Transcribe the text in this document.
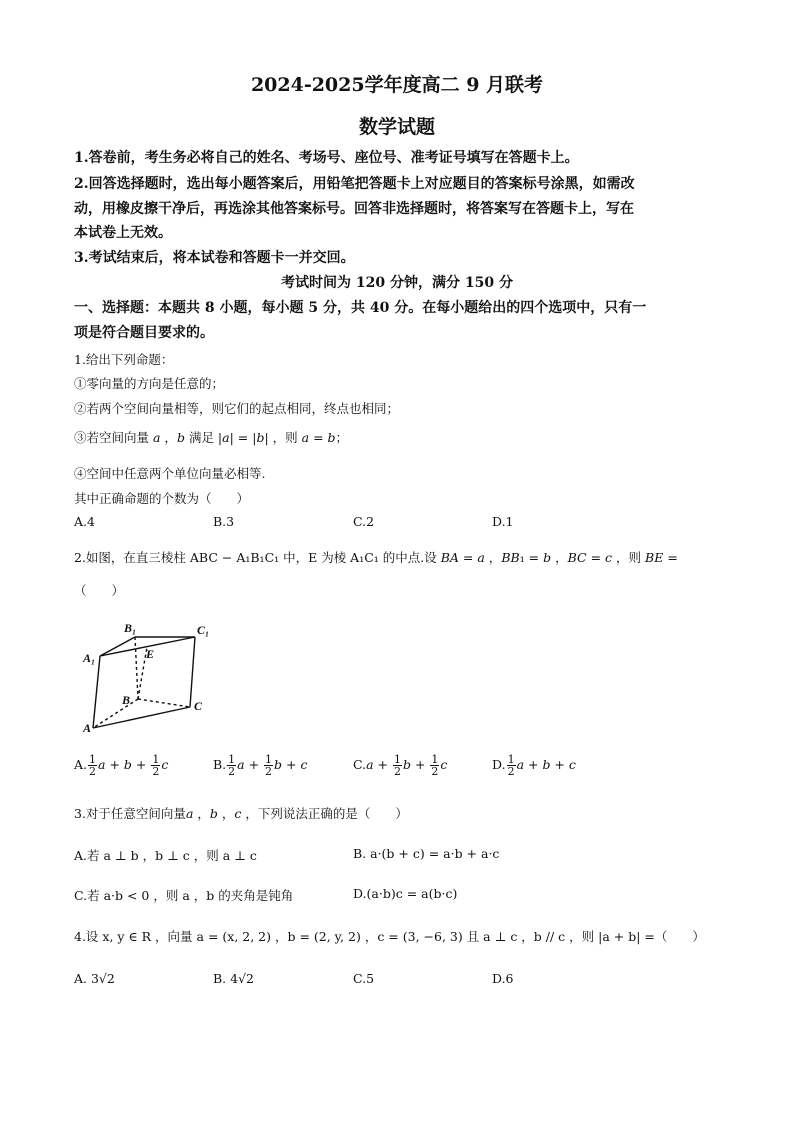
2024-2025学年度高二 9 月联考
数学试题
1.答卷前，考生务必将自己的姓名、考场号、座位号、准考证号填写在答题卡上。
2.回答选择题时，选出每小题答案后，用铅笔把答题卡上对应题目的答案标号涂黑，如需改
动，用橡皮擦干净后，再选涂其他答案标号。回答非选择题时，将答案写在答题卡上，写在
本试卷上无效。
3.考试结束后，将本试卷和答题卡一并交回。
考试时间为 120 分钟，满分 150 分
一、选择题：本题共 8 小题，每小题 5 分，共 40 分。在每小题给出的四个选项中，只有一
项是符合题目要求的。
1.给出下列命题：
①零向量的方向是任意的；
②若两个空间向量相等，则它们的起点相同，终点也相同；
③若空间向量 a ，b 满足 |a| = |b| ，则 a = b；
④空间中任意两个单位向量必相等.
其中正确命题的个数为（　　）
A.4	B.3	C.2	D.1
2.如图，在直三棱柱 ABC − A₁B₁C₁ 中，E 为棱 A₁C₁ 的中点.设 BA = a ，BB₁ = b ，BC = c ，则 BE =
（　　）
B₁	C₁
A₁	E
B	C
A
A. $\frac{1}{2}$ $a + b + \frac{1}{2}$ c	B. $\frac{1}{2}$ $a + \frac{1}{2}$ b + c	$C.a + \frac{1}{2}$ $b + \frac{1}{2}$ c	D. $\frac{1}{2}$ a + b + c
3.对于任意空间向量a ，b ，c ，下列说法正确的是（　　）
A.若 a ⊥ b ，b ⊥ c ，则 a ⊥ c	B. a·(b + c) = a·b + a·c
C.若 a·b < 0 ，则 a ，b 的夹角是钝角	D.(a·b)c = a(b·c)
4.设 x, y ∈ R ，向量 a = (x, 2, 2) ，b = (2, y, 2) ，c = (3, −6, 3) 且 a ⊥ c ，b // c ，则 |a + b| =（　　）
A. 3√2	B. 4√2	C.5	D.6
